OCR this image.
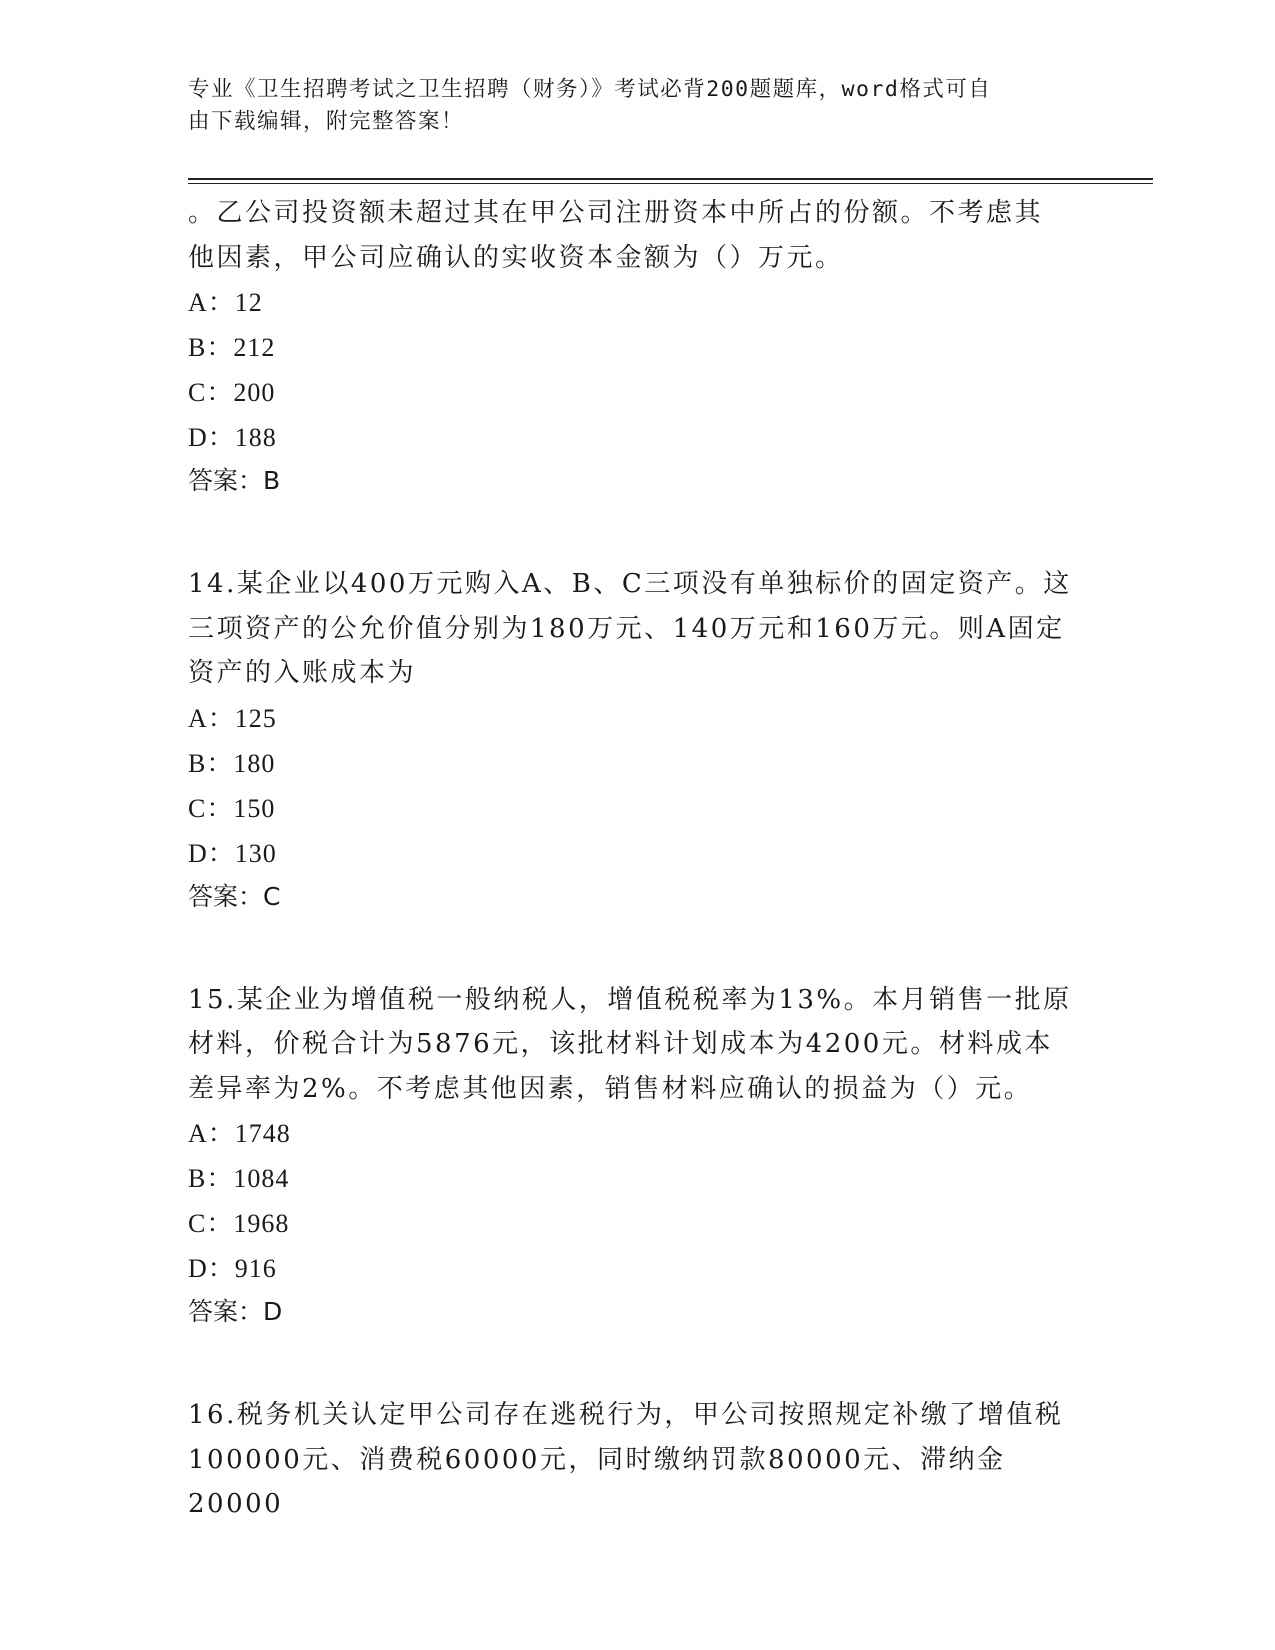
专业《卫生招聘考试之卫生招聘（财务）》考试必背200题题库，word格式可自
由下载编辑，附完整答案！

。乙公司投资额未超过其在甲公司注册资本中所占的份额。不考虑其

他因素，甲公司应确认的实收资本金额为（）万元。

A：12

B：212

C：200

D：188

答案：B

14.某企业以400万元购入A、B、C三项没有单独标价的固定资产。这

三项资产的公允价值分别为180万元、140万元和160万元。则A固定

资产的入账成本为

A：125

B：180

C：150

D：130

答案：C

15.某企业为增值税一般纳税人，增值税税率为13%。本月销售一批原

材料，价税合计为5876元，该批材料计划成本为4200元。材料成本

差异率为2%。不考虑其他因素，销售材料应确认的损益为（）元。

A：1748

B：1084

C：1968

D：916

答案：D

16.税务机关认定甲公司存在逃税行为，甲公司按照规定补缴了增值税

100000元、消费税60000元，同时缴纳罚款80000元、滞纳金20000
